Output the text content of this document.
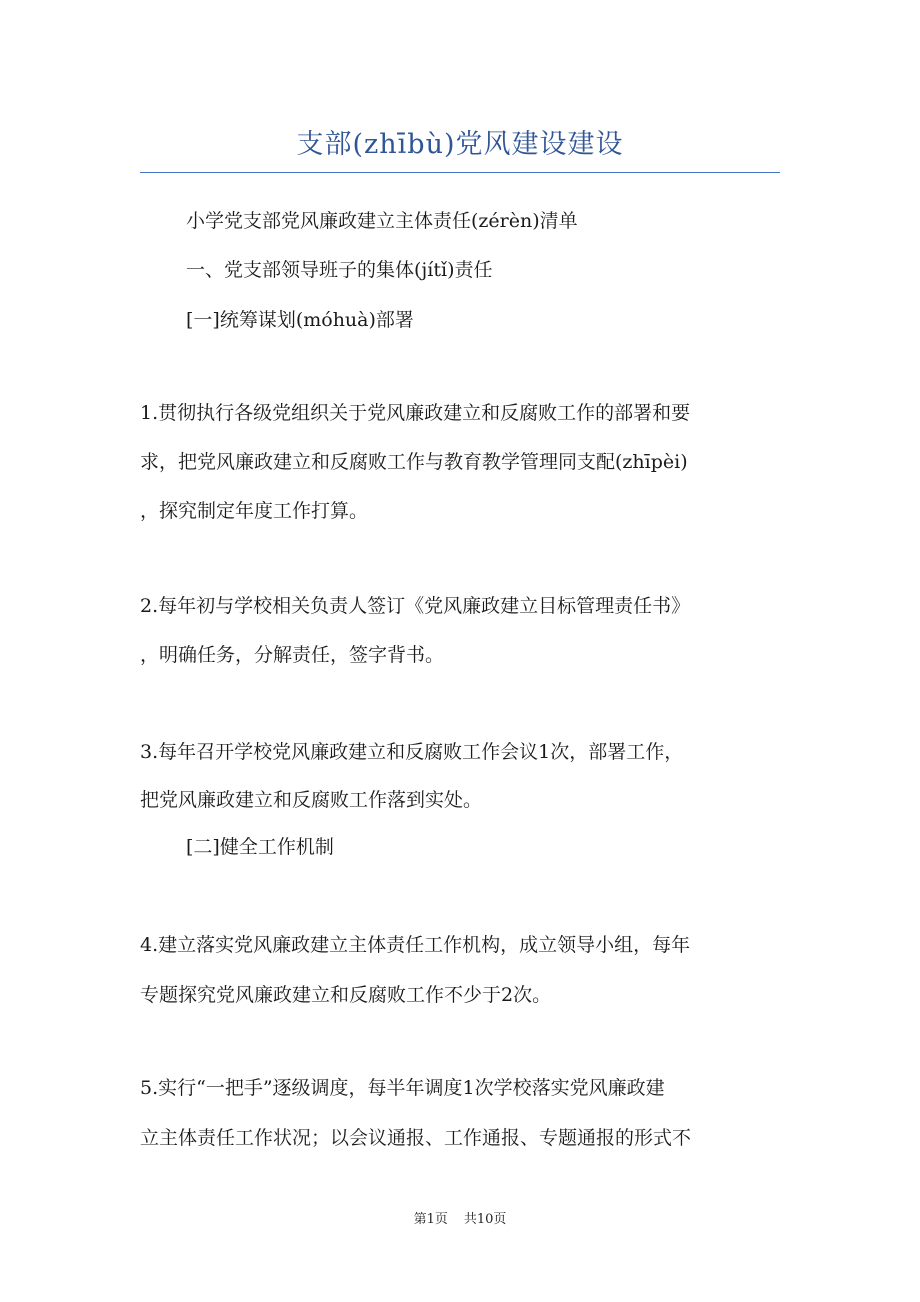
支部(zhībù)党风建设建设
小学党支部党风廉政建立主体责任(zérèn)清单
一、党支部领导班子的集体(jítǐ)责任
[一]统筹谋划(móhuà)部署
1.贯彻执行各级党组织关于党风廉政建立和反腐败工作的部署和要
求，把党风廉政建立和反腐败工作与教育教学管理同支配(zhīpèi)
，探究制定年度工作打算。
2.每年初与学校相关负责人签订《党风廉政建立目标管理责任书》
，明确任务，分解责任，签字背书。
3.每年召开学校党风廉政建立和反腐败工作会议1次，部署工作，
把党风廉政建立和反腐败工作落到实处。
[二]健全工作机制
4.建立落实党风廉政建立主体责任工作机构，成立领导小组，每年
专题探究党风廉政建立和反腐败工作不少于2次。
5.实行“一把手”逐级调度，每半年调度1次学校落实党风廉政建
立主体责任工作状况；以会议通报、工作通报、专题通报的形式不
第1页 共10页
